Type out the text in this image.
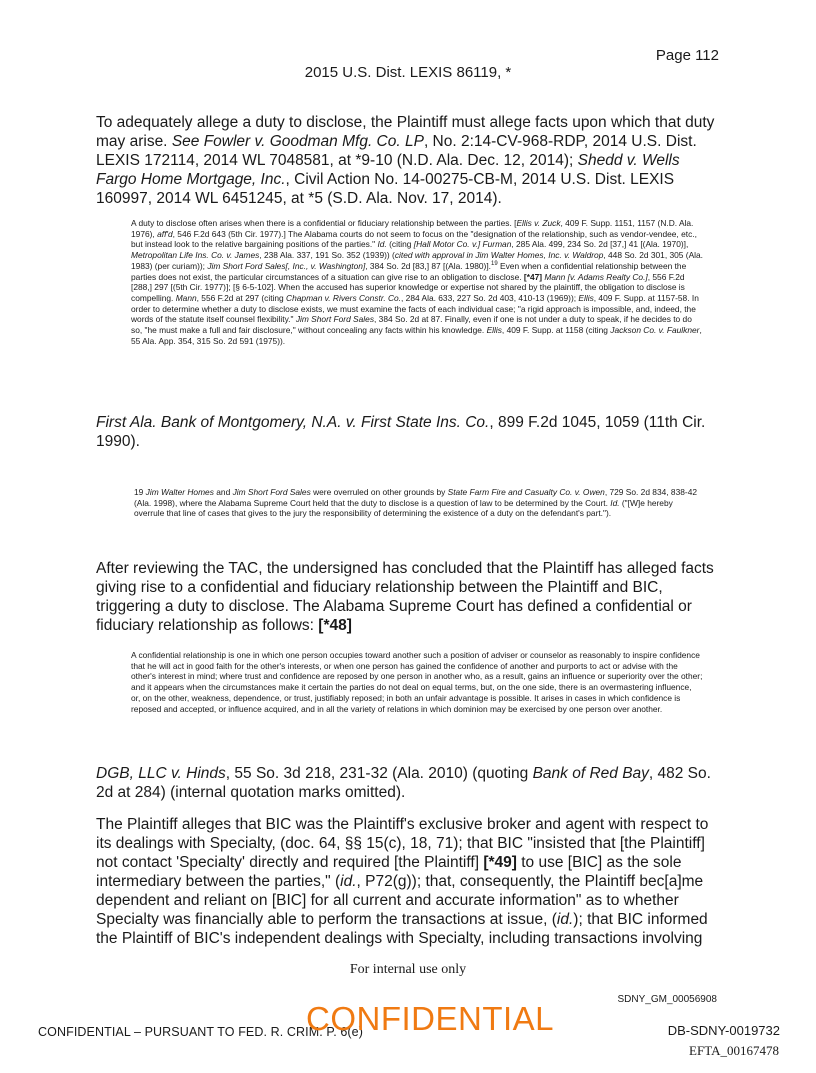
Page 112
2015 U.S. Dist. LEXIS 86119, *

To adequately allege a duty to disclose, the Plaintiff must allege facts upon which that duty may arise. See Fowler v. Goodman Mfg. Co. LP, No. 2:14-CV-968-RDP, 2014 U.S. Dist. LEXIS 172114, 2014 WL 7048581, at *9-10 (N.D. Ala. Dec. 12, 2014); Shedd v. Wells Fargo Home Mortgage, Inc., Civil Action No. 14-00275-CB-M, 2014 U.S. Dist. LEXIS 160997, 2014 WL 6451245, at *5 (S.D. Ala. Nov. 17, 2014).

A duty to disclose often arises when there is a confidential or fiduciary relationship between the parties. [Ellis v. Zuck, 409 F. Supp. 1151, 1157 (N.D. Ala. 1976), aff'd, 546 F.2d 643 (5th Cir. 1977).] The Alabama courts do not seem to focus on the "designation of the relationship, such as vendor-vendee, etc., but instead look to the relative bargaining positions of the parties." Id. (citing [Hall Motor Co. v.] Furman, 285 Ala. 499, 234 So. 2d [37,] 41 [(Ala. 1970)], Metropolitan Life Ins. Co. v. James, 238 Ala. 337, 191 So. 352 (1939)) (cited with approval in Jim Walter Homes, Inc. v. Waldrop, 448 So. 2d 301, 305 (Ala. 1983) (per curiam)); Jim Short Ford Sales[, Inc., v. Washington], 384 So. 2d [83,] 87 [(Ala. 1980)].$^{19}$ Even when a confidential relationship between the parties does not exist, the particular circumstances of a situation can give rise to an obligation to disclose. [*47] Mann [v. Adams Realty Co.], 556 F.2d [288,] 297 [(5th Cir. 1977)]; [§ 6-5-102]. When the accused has superior knowledge or expertise not shared by the plaintiff, the obligation to disclose is compelling. Mann, 556 F.2d at 297 (citing Chapman v. Rivers Constr. Co., 284 Ala. 633, 227 So. 2d 403, 410-13 (1969)); Ellis, 409 F. Supp. at 1157-58. In order to determine whether a duty to disclose exists, we must examine the facts of each individual case; "a rigid approach is impossible, and, indeed, the words of the statute itself counsel flexibility." Jim Short Ford Sales, 384 So. 2d at 87. Finally, even if one is not under a duty to speak, if he decides to do so, "he must make a full and fair disclosure," without concealing any facts within his knowledge. Ellis, 409 F. Supp. at 1158 (citing Jackson Co. v. Faulkner, 55 Ala. App. 354, 315 So. 2d 591 (1975)).

First Ala. Bank of Montgomery, N.A. v. First State Ins. Co., 899 F.2d 1045, 1059 (11th Cir. 1990).

19 Jim Walter Homes and Jim Short Ford Sales were overruled on other grounds by State Farm Fire and Casualty Co. v. Owen, 729 So. 2d 834, 838-42 (Ala. 1998), where the Alabama Supreme Court held that the duty to disclose is a question of law to be determined by the Court. Id. ("[W]e hereby overrule that line of cases that gives to the jury the responsibility of determining the existence of a duty on the defendant's part.").

After reviewing the TAC, the undersigned has concluded that the Plaintiff has alleged facts giving rise to a confidential and fiduciary relationship between the Plaintiff and BIC, triggering a duty to disclose. The Alabama Supreme Court has defined a confidential or fiduciary relationship as follows: [*48]

A confidential relationship is one in which one person occupies toward another such a position of adviser or counselor as reasonably to inspire confidence that he will act in good faith for the other's interests, or when one person has gained the confidence of another and purports to act or advise with the other's interest in mind; where trust and confidence are reposed by one person in another who, as a result, gains an influence or superiority over the other; and it appears when the circumstances make it certain the parties do not deal on equal terms, but, on the one side, there is an overmastering influence, or, on the other, weakness, dependence, or trust, justifiably reposed; in both an unfair advantage is possible. It arises in cases in which confidence is reposed and accepted, or influence acquired, and in all the variety of relations in which dominion may be exercised by one person over another.

DGB, LLC v. Hinds, 55 So. 3d 218, 231-32 (Ala. 2010) (quoting Bank of Red Bay, 482 So. 2d at 284) (internal quotation marks omitted).

The Plaintiff alleges that BIC was the Plaintiff's exclusive broker and agent with respect to its dealings with Specialty, (doc. 64, §§ 15(c), 18, 71); that BIC "insisted that [the Plaintiff] not contact 'Specialty' directly and required [the Plaintiff] [*49] to use [BIC] as the sole intermediary between the parties," (id., P72(g)); that, consequently, the Plaintiff bec[a]me dependent and reliant on [BIC] for all current and accurate information" as to whether Specialty was financially able to perform the transactions at issue, (id.); that BIC informed the Plaintiff of BIC's independent dealings with Specialty, including transactions involving

For internal use only
SDNY_GM_00056908
CONFIDENTIAL – PURSUANT TO FED. R. CRIM. P. 6(e)
CONFIDENTIAL	DB-SDNY-0019732
EFTA_00167478
